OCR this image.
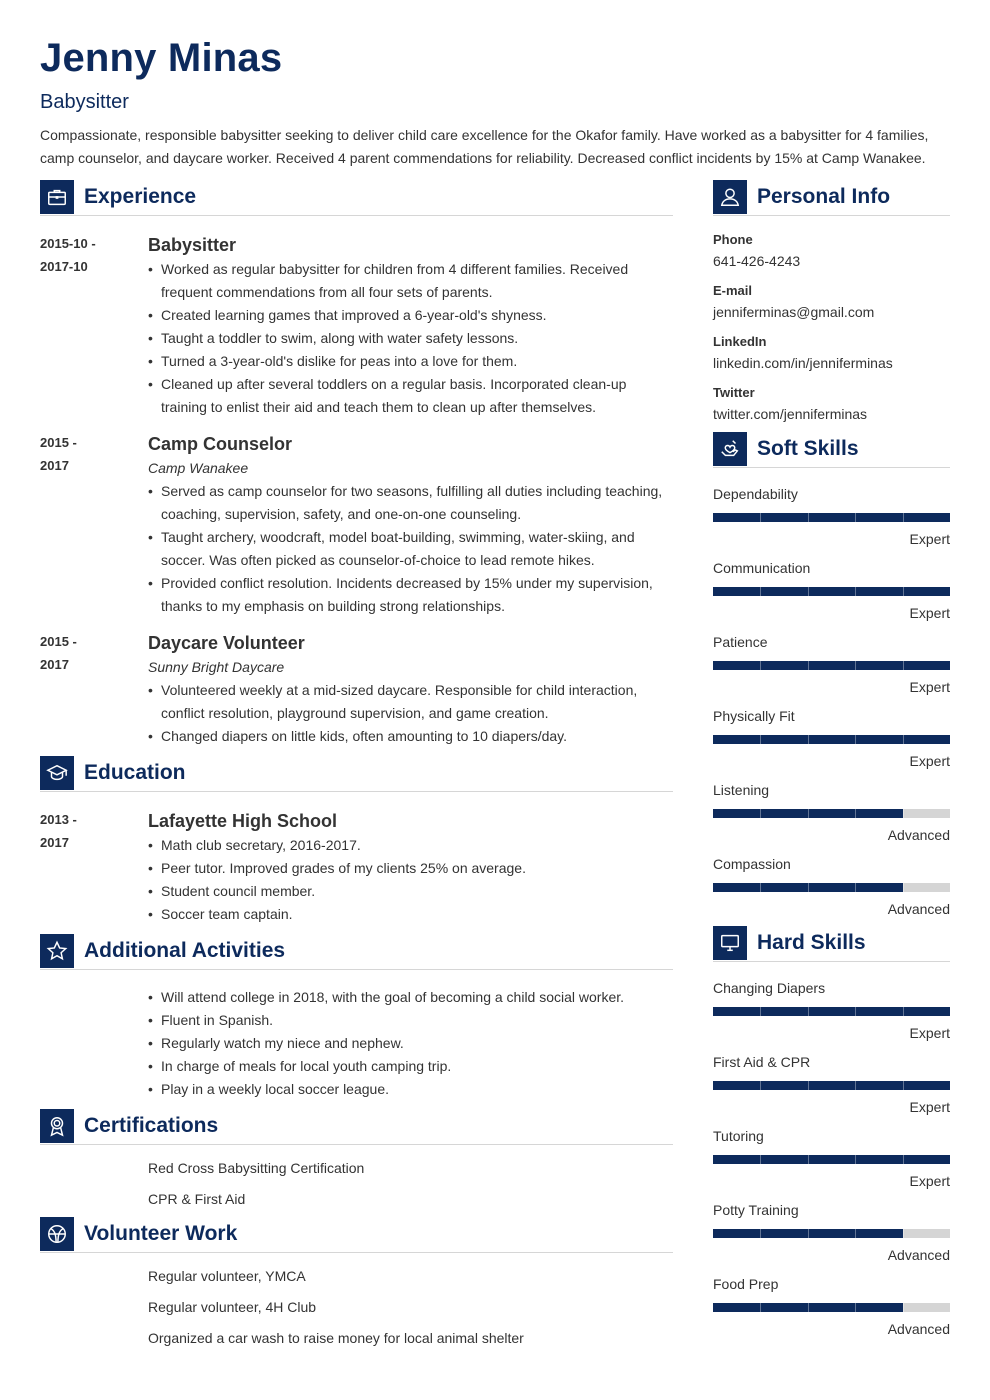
Jenny Minas
Babysitter
Compassionate, responsible babysitter seeking to deliver child care excellence for the Okafor family. Have worked as a babysitter for 4 families, camp counselor, and daycare worker. Received 4 parent commendations for reliability. Decreased conflict incidents by 15% at Camp Wanakee.
Experience
2015-10 -
2017-10
Babysitter
• Worked as regular babysitter for children from 4 different families. Received frequent commendations from all four sets of parents.
• Created learning games that improved a 6-year-old's shyness.
• Taught a toddler to swim, along with water safety lessons.
• Turned a 3-year-old's dislike for peas into a love for them.
• Cleaned up after several toddlers on a regular basis. Incorporated clean-up training to enlist their aid and teach them to clean up after themselves.
2015 -
2017
Camp Counselor
Camp Wanakee
• Served as camp counselor for two seasons, fulfilling all duties including teaching, coaching, supervision, safety, and one-on-one counseling.
• Taught archery, woodcraft, model boat-building, swimming, water-skiing, and soccer. Was often picked as counselor-of-choice to lead remote hikes.
• Provided conflict resolution. Incidents decreased by 15% under my supervision, thanks to my emphasis on building strong relationships.
2015 -
2017
Daycare Volunteer
Sunny Bright Daycare
• Volunteered weekly at a mid-sized daycare. Responsible for child interaction, conflict resolution, playground supervision, and game creation.
• Changed diapers on little kids, often amounting to 10 diapers/day.
Education
2013 -
2017
Lafayette High School
• Math club secretary, 2016-2017.
• Peer tutor. Improved grades of my clients 25% on average.
• Student council member.
• Soccer team captain.
Additional Activities
• Will attend college in 2018, with the goal of becoming a child social worker.
• Fluent in Spanish.
• Regularly watch my niece and nephew.
• In charge of meals for local youth camping trip.
• Play in a weekly local soccer league.
Certifications
Red Cross Babysitting Certification
CPR & First Aid
Volunteer Work
Regular volunteer, YMCA
Regular volunteer, 4H Club
Organized a car wash to raise money for local animal shelter
Personal Info
Phone
641-426-4243
E-mail
jenniferminas@gmail.com
LinkedIn
linkedin.com/in/jenniferminas
Twitter
twitter.com/jenniferminas
Soft Skills
Dependability
Expert
Communication
Expert
Patience
Expert
Physically Fit
Expert
Listening
Advanced
Compassion
Advanced
Hard Skills
Changing Diapers
Expert
First Aid & CPR
Expert
Tutoring
Expert
Potty Training
Advanced
Food Prep
Advanced
